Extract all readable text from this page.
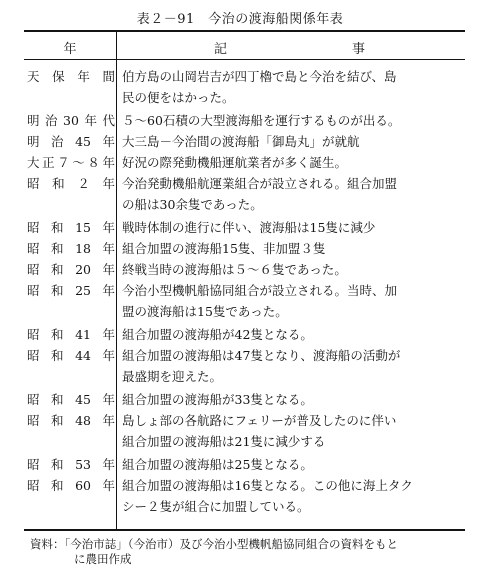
表２－91　今治の渡海船関係年表
年	記	事
天保年間 伯方島の山岡岩吉が四丁櫓で島と今治を結び、島
民の便をはかった。
明治30年代 ５～60石積の大型渡海船を運行するものが出る。
明治45年 大三島－今治間の渡海船「御島丸」が就航
大正７～８年 好況の際発動機船運航業者が多く誕生。
昭和２年 今治発動機船航運業組合が設立される。組合加盟
の船は30余隻であった。
昭和15年 戦時体制の進行に伴い、渡海船は15隻に減少
昭和18年 組合加盟の渡海船15隻、非加盟３隻
昭和20年 終戦当時の渡海船は５～６隻であった。
昭和25年 今治小型機帆船協同組合が設立される。当時、加
盟の渡海船は15隻であった。
昭和41年 組合加盟の渡海船が42隻となる。
昭和44年 組合加盟の渡海船は47隻となり、渡海船の活動が
最盛期を迎えた。
昭和45年 組合加盟の渡海船が33隻となる。
昭和48年 島しょ部の各航路にフェリーが普及したのに伴い
組合加盟の渡海船は21隻に減少する
昭和53年 組合加盟の渡海船は25隻となる。
昭和60年 組合加盟の渡海船は16隻となる。この他に海上タク
シー２隻が組合に加盟している。
資料：「今治市誌」（今治市）及び今治小型機帆船協同組合の資料をもと
に農田作成
